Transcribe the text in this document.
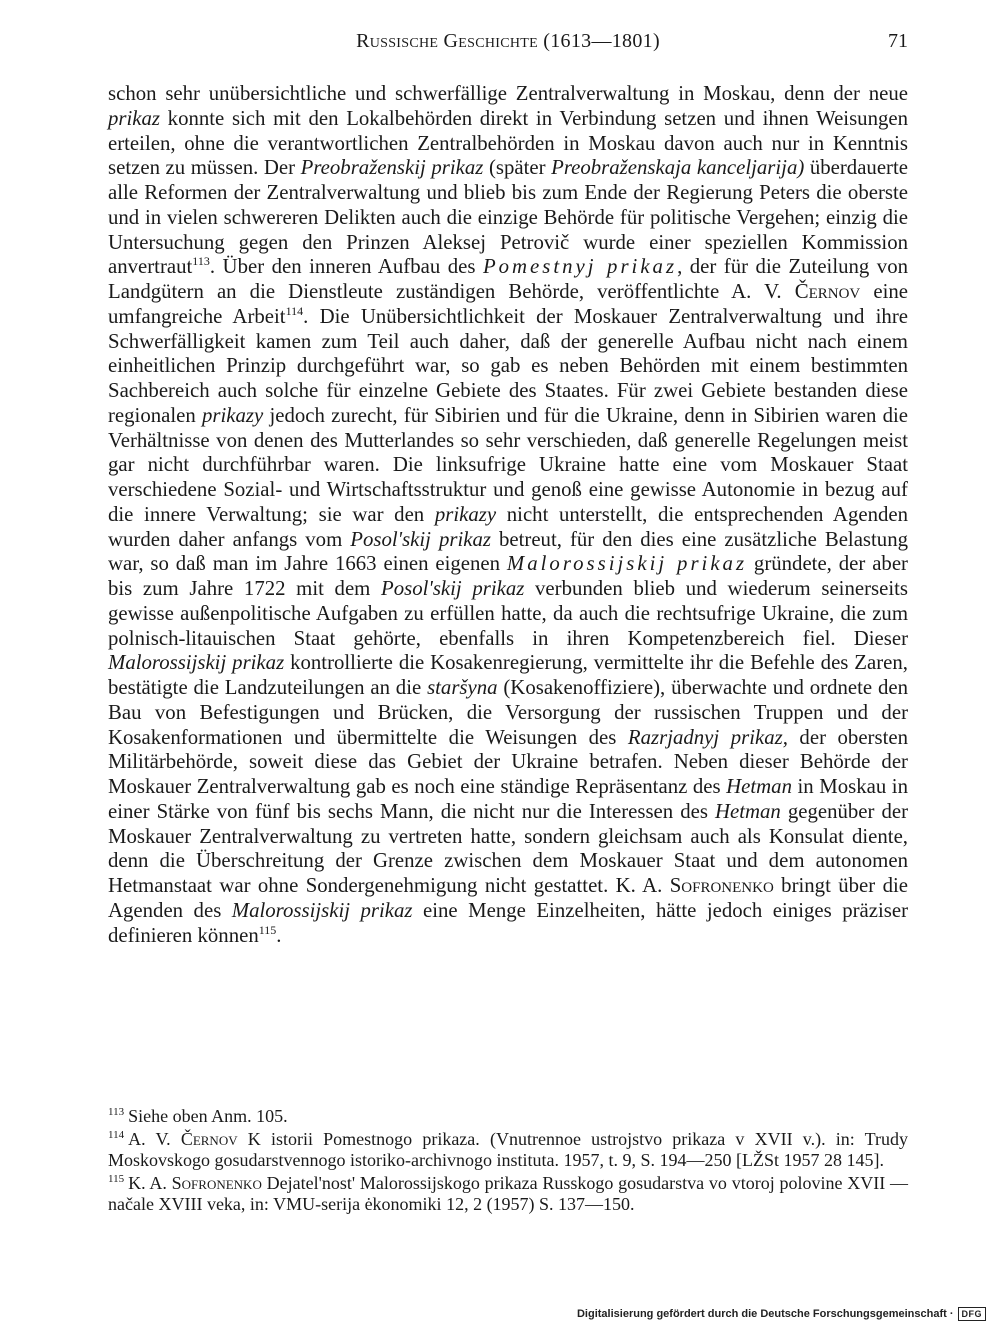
Russische Geschichte (1613—1801)	71

schon sehr unübersichtliche und schwerfällige Zentralverwaltung in Moskau, denn der neue prikaz konnte sich mit den Lokalbehörden direkt in Verbindung setzen und ihnen Weisungen erteilen, ohne die verantwortlichen Zentralbehörden in Moskau davon auch nur in Kenntnis setzen zu müssen. Der Preobraženskij prikaz (später Preobraženskaja kanceljarija) überdauerte alle Reformen der Zentralverwaltung und blieb bis zum Ende der Regierung Peters die oberste und in vielen schwereren Delikten auch die einzige Behörde für politische Vergehen; einzig die Untersuchung gegen den Prinzen Aleksej Petrovič wurde einer speziellen Kommission anvertraut$^{113}$. Über den inneren Aufbau des Pomestnyj prikaz, der für die Zuteilung von Landgütern an die Dienstleute zuständigen Behörde, veröffentlichte A. V. Černov eine umfangreiche Arbeit$^{114}$. Die Unübersichtlichkeit der Moskauer Zentralverwaltung und ihre Schwerfälligkeit kamen zum Teil auch daher, daß der generelle Aufbau nicht nach einem einheitlichen Prinzip durchgeführt war, so gab es neben Behörden mit einem bestimmten Sachbereich auch solche für einzelne Gebiete des Staates. Für zwei Gebiete bestanden diese regionalen prikazy jedoch zurecht, für Sibirien und für die Ukraine, denn in Sibirien waren die Verhältnisse von denen des Mutterlandes so sehr verschieden, daß generelle Regelungen meist gar nicht durchführbar waren. Die linksufrige Ukraine hatte eine vom Moskauer Staat verschiedene Sozial- und Wirtschaftsstruktur und genoß eine gewisse Autonomie in bezug auf die innere Verwaltung; sie war den prikazy nicht unterstellt, die entsprechenden Agenden wurden daher anfangs vom Posol'skij prikaz betreut, für den dies eine zusätzliche Belastung war, so daß man im Jahre 1663 einen eigenen Malorossijskij prikaz gründete, der aber bis zum Jahre 1722 mit dem Posol'skij prikaz verbunden blieb und wiederum seinerseits gewisse außenpolitische Aufgaben zu erfüllen hatte, da auch die rechtsufrige Ukraine, die zum polnisch-litauischen Staat gehörte, ebenfalls in ihren Kompetenzbereich fiel. Dieser Malorossijskij prikaz kontrollierte die Kosakenregierung, vermittelte ihr die Befehle des Zaren, bestätigte die Landzuteilungen an die staršyna (Kosakenoffiziere), überwachte und ordnete den Bau von Befestigungen und Brücken, die Versorgung der russischen Truppen und der Kosakenformationen und übermittelte die Weisungen des Razrjadnyj prikaz, der obersten Militärbehörde, soweit diese das Gebiet der Ukraine betrafen. Neben dieser Behörde der Moskauer Zentralverwaltung gab es noch eine ständige Repräsentanz des Hetman in Moskau in einer Stärke von fünf bis sechs Mann, die nicht nur die Interessen des Hetman gegenüber der Moskauer Zentralverwaltung zu vertreten hatte, sondern gleichsam auch als Konsulat diente, denn die Überschreitung der Grenze zwischen dem Moskauer Staat und dem autonomen Hetmanstaat war ohne Sondergenehmigung nicht gestattet. K. A. Sofronenko bringt über die Agenden des Malorossijskij prikaz eine Menge Einzelheiten, hätte jedoch einiges präziser definieren können$^{115}$.

$^{113}$ Siehe oben Anm. 105.

$^{114}$ A. V. Černov K istorii Pomestnogo prikaza. (Vnutrennoe ustrojstvo prikaza v XVII v.). in: Trudy Moskovskogo gosudarstvennogo istoriko-archivnogo instituta. 1957, t. 9, S. 194—250 [LŽSt 1957 28 145].

$^{115}$ K. A. Sofronenko Dejatel'nost' Malorossijskogo prikaza Russkogo gosudarstva vo vtoroj polovine XVII — načale XVIII veka, in: VMU-serija ėkonomiki 12, 2 (1957) S. 137—150.

Digitalisierung gefördert durch die Deutsche Forschungsgemeinschaft · DFG
